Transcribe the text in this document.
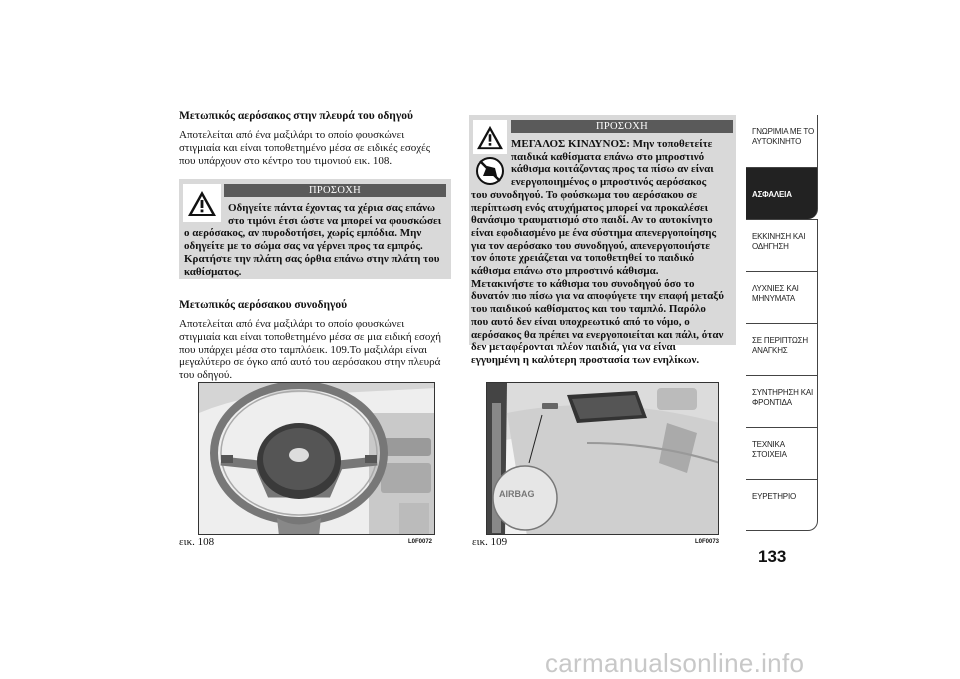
Μετωπικός αερόσακος στην πλευρά του οδηγού
Αποτελείται από ένα μαξιλάρι το οποίο φουσκώνει
στιγμιαία και είναι τοποθετημένο μέσα σε ειδικές εσοχές
που υπάρχουν στο κέντρο του τιμονιού εικ. 108.
ΠΡΟΣΟΧΗ
Οδηγείτε πάντα έχοντας τα χέρια σας επάνω
στο τιμόνι έτσι ώστε να μπορεί να φουσκώσει
ο αερόσακος, αν πυροδοτήσει, χωρίς εμπόδια. Μην
οδηγείτε με το σώμα σας να γέρνει προς τα εμπρός.
Κρατήστε την πλάτη σας όρθια επάνω στην πλάτη του
καθίσματος.
Μετωπικός αερόσακου συνοδηγού
Αποτελείται από ένα μαξιλάρι το οποίο φουσκώνει
στιγμιαία και είναι τοποθετημένο μέσα σε μια ειδική εσοχή
που υπάρχει μέσα στο ταμπλόεικ. 109.Το μαξιλάρι είναι
μεγαλύτερο σε όγκο από αυτό του αερόσακου στην πλευρά
του οδηγού.
εικ. 108	L0F0072
ΠΡΟΣΟΧΗ
ΜΕΓΑΛΟΣ ΚΙΝΔΥΝΟΣ: Μην τοποθετείτε
παιδικά καθίσματα επάνω στο μπροστινό
κάθισμα κοιτάζοντας προς τα πίσω αν είναι
ενεργοποιημένος ο μπροστινός αερόσακος
του συνοδηγού. Το φούσκωμα του αερόσακου σε
περίπτωση ενός ατυχήματος μπορεί να προκαλέσει
θανάσιμο τραυματισμό στο παιδί. Αν το αυτοκίνητο
είναι εφοδιασμένο με ένα σύστημα απενεργοποίησης
για τον αερόσακο του συνοδηγού, απενεργοποιήστε
τον όποτε χρειάζεται να τοποθετηθεί το παιδικό
κάθισμα επάνω στο μπροστινό κάθισμα.
Μετακινήστε το κάθισμα του συνοδηγού όσο το
δυνατόν πιο πίσω για να αποφύγετε την επαφή μεταξύ
του παιδικού καθίσματος και του ταμπλό. Παρόλο
που αυτό δεν είναι υποχρεωτικό από το νόμο, ο
αερόσακος θα πρέπει να ενεργοποιείται και πάλι, όταν
δεν μεταφέρονται πλέον παιδιά, για να είναι
εγγυημένη η καλύτερη προστασία των ενηλίκων.
AIRBAG
εικ. 109	L0F0073
ΓΝΩΡΙΜΙΑ ΜΕ ΤΟ
ΑΥΤΟΚΙΝΗΤΟ
ΑΣΦΑΛΕΙΑ
ΕΚΚΙΝΗΣΗ ΚΑΙ
ΟΔΗΓΗΣΗ
ΛΥΧΝΙΕΣ ΚΑΙ
ΜΗΝΥΜΑΤΑ
ΣΕ ΠΕΡΙΠΤΩΣΗ
ΑΝΑΓΚΗΣ
ΣΥΝΤΗΡΗΣΗ ΚΑΙ
ΦΡΟΝΤΙΔΑ
ΤΕΧΝΙΚΑ ΣΤΟΙΧΕΙΑ
ΕΥΡΕΤΗΡΙΟ
133
carmanualsonline.info
